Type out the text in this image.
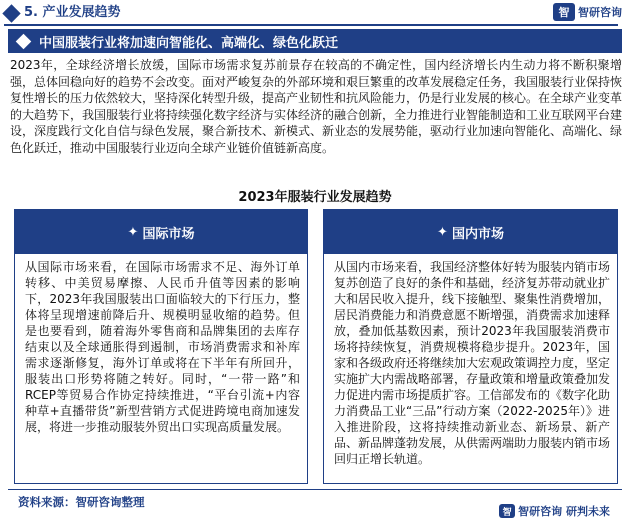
5. 产业发展趋势	智 智研咨询
中国服装行业将加速向智能化、高端化、绿色化跃迁
2023年，全球经济增长放缓，国际市场需求复苏前景存在较高的不确定性，国内经济增长内生动力将不断积聚增强，总体回稳向好的趋势不会改变。面对严峻复杂的外部环境和艰巨繁重的改革发展稳定任务，我国服装行业保持恢复性增长的压力依然较大，坚持深化转型升级，提高产业韧性和抗风险能力，仍是行业发展的核心。在全球产业变革的大趋势下，我国服装行业将持续强化数字经济与实体经济的融合创新，全力推进行业智能制造和工业互联网平台建设，深度践行文化自信与绿色发展，聚合新技术、新模式、新业态的发展势能，驱动行业加速向智能化、高端化、绿色化跃迁，推动中国服装行业迈向全球产业链价值链新高度。
2023年服装行业发展趋势
✦ 国际市场
从国际市场来看，在国际市场需求不足、海外订单转移、中美贸易摩擦、人民币升值等因素的影响下，2023年我国服装出口面临较大的下行压力，整体将呈现增速前降后升、规模明显收缩的趋势。但是也要看到，随着海外零售商和品牌集团的去库存结束以及全球通胀得到遏制，市场消费需求和补库需求逐渐修复，海外订单或将在下半年有所回升，服装出口形势将随之转好。同时，“一带一路”和RCEP等贸易合作协定持续推进，“平台引流+内容种草+直播带货”新型营销方式促进跨境电商加速发展，将进一步推动服装外贸出口实现高质量发展。
✦ 国内市场
从国内市场来看，我国经济整体好转为服装内销市场复苏创造了良好的条件和基础，经济复苏带动就业扩大和居民收入提升，线下接触型、聚集性消费增加，居民消费能力和消费意愿不断增强，消费需求加速释放，叠加低基数因素，预计2023年我国服装消费市场将持续恢复，消费规模将稳步提升。2023年，国家和各级政府还将继续加大宏观政策调控力度，坚定实施扩大内需战略部署，存量政策和增量政策叠加发力促进内需市场提质扩容。工信部发布的《数字化助力消费品工业“三品”行动方案（2022-2025年）》进入推进阶段，这将持续推动新业态、新场景、新产品、新品牌蓬勃发展，从供需两端助力服装内销市场回归正增长轨道。
资料来源：智研咨询整理
智 智研咨询 研判未来
